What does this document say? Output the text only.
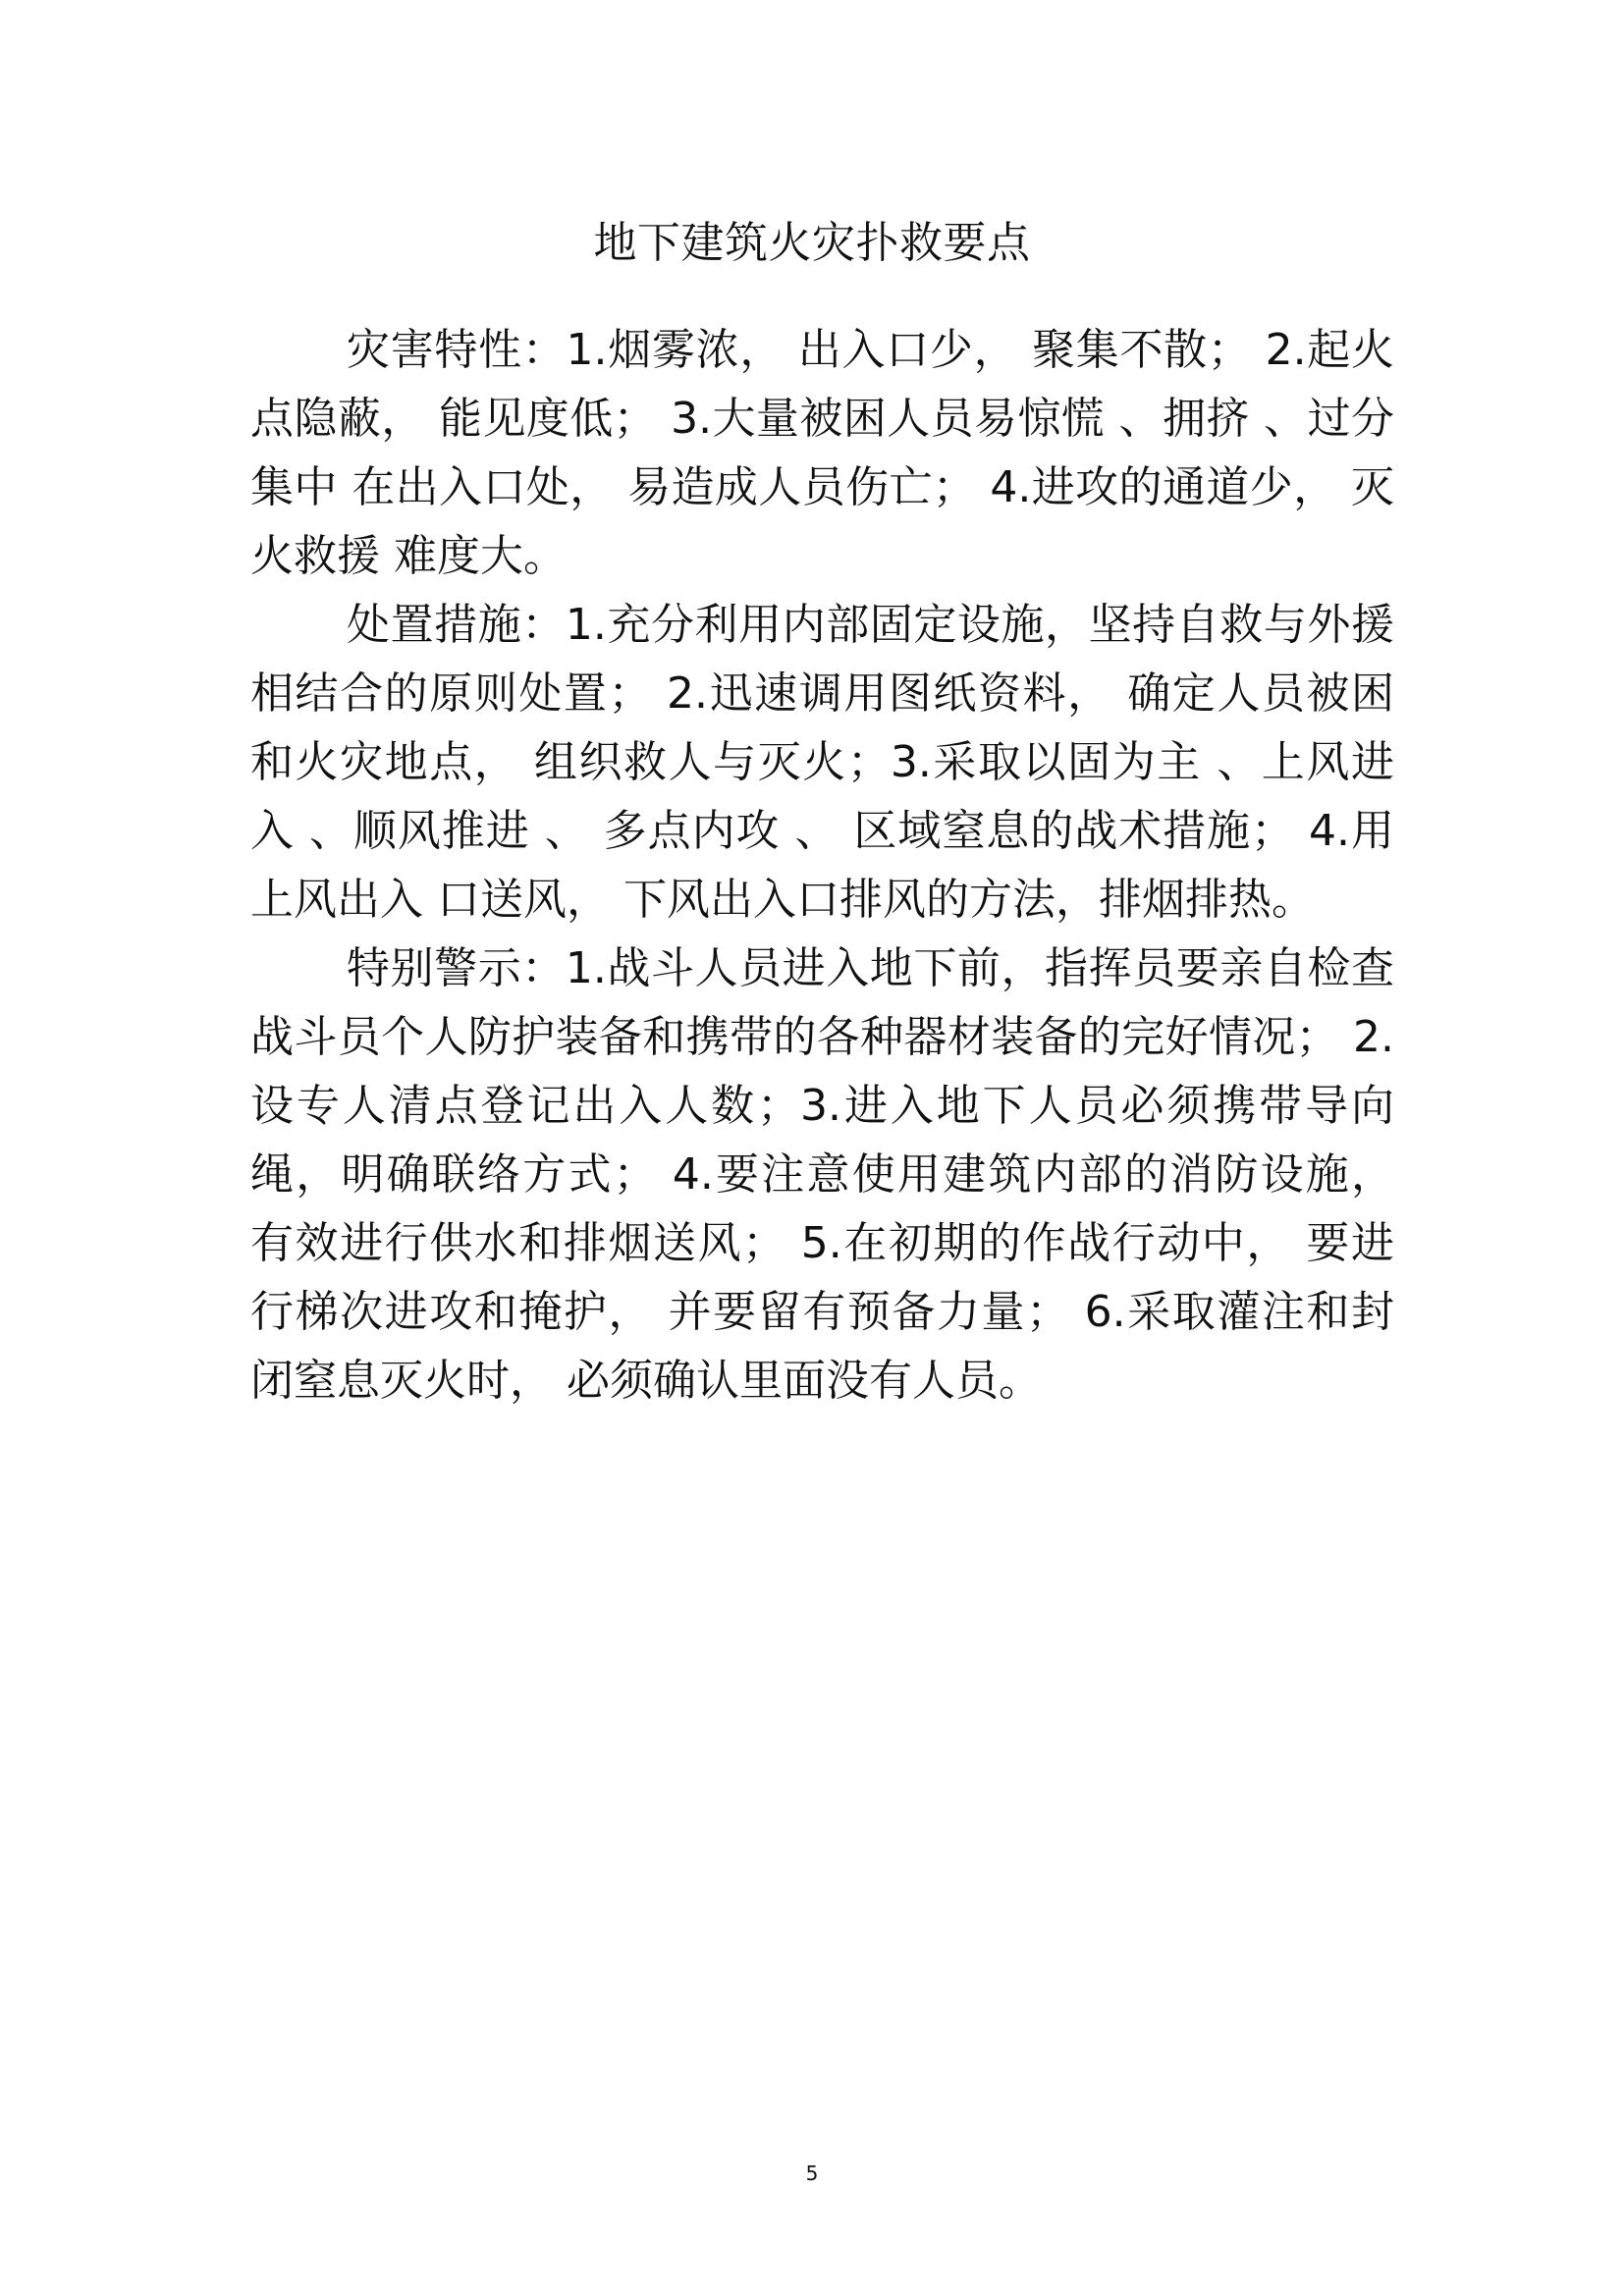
地下建筑火灾扑救要点

灾害特性：1.烟雾浓， 出入口少， 聚集不散； 2.起火点隐蔽， 能见度低； 3.大量被困人员易惊慌 、拥挤 、过分集中 在出入口处， 易造成人员伤亡； 4.进攻的通道少， 灭火救援 难度大。

处置措施：1.充分利用内部固定设施，坚持自救与外援相结合的原则处置； 2.迅速调用图纸资料， 确定人员被困和火灾地点， 组织救人与灭火；3.采取以固为主 、上风进入 、顺风推进 、 多点内攻 、 区域窒息的战术措施； 4.用上风出入 口送风， 下风出入口排风的方法，排烟排热。

特别警示：1.战斗人员进入地下前，指挥员要亲自检查战斗员个人防护装备和携带的各种器材装备的完好情况； 2.设专人清点登记出入人数；3.进入地下人员必须携带导向绳，明确联络方式； 4.要注意使用建筑内部的消防设施， 有效进行供水和排烟送风； 5.在初期的作战行动中， 要进行梯次进攻和掩护， 并要留有预备力量； 6.采取灌注和封闭窒息灭火时， 必须确认里面没有人员。

5
